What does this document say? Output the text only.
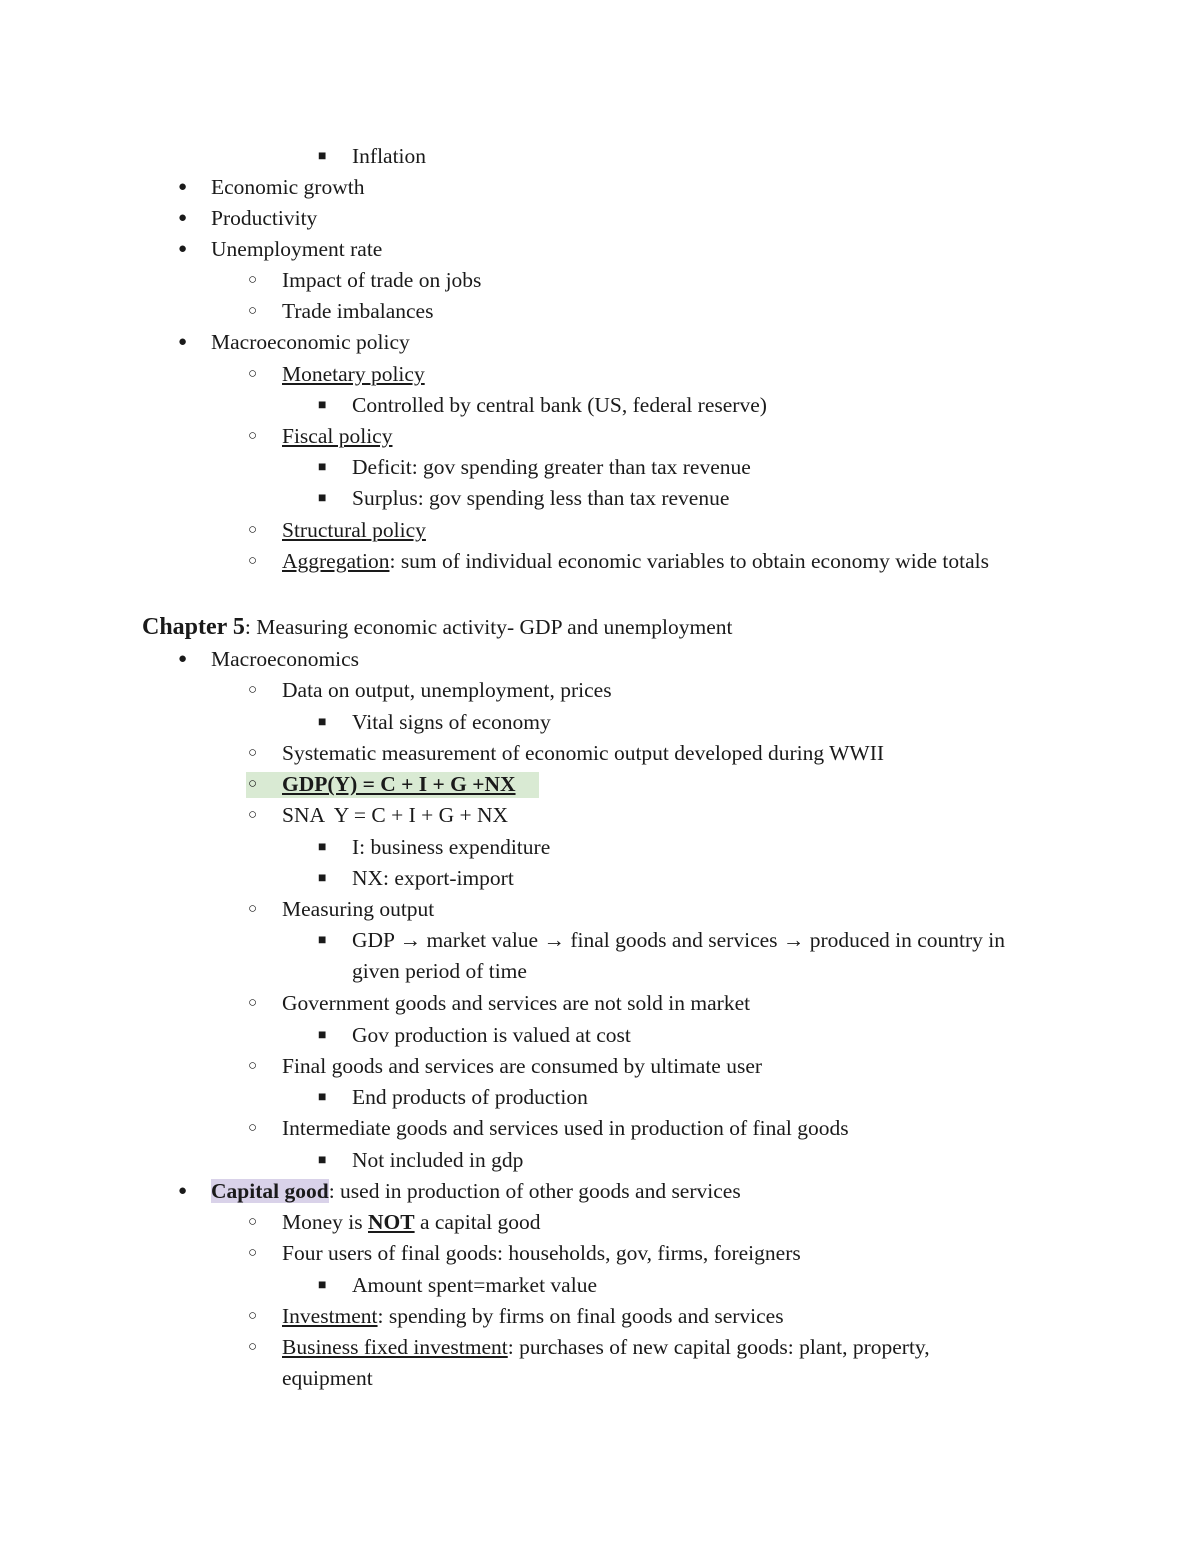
■ Inflation
● Economic growth
● Productivity
● Unemployment rate
○ Impact of trade on jobs
○ Trade imbalances
● Macroeconomic policy
○ Monetary policy
■ Controlled by central bank (US, federal reserve)
○ Fiscal policy
■ Deficit: gov spending greater than tax revenue
■ Surplus: gov spending less than tax revenue
○ Structural policy
○ Aggregation: sum of individual economic variables to obtain economy wide totals
Chapter 5: Measuring economic activity- GDP and unemployment
● Macroeconomics
○ Data on output, unemployment, prices
■ Vital signs of economy
○ Systematic measurement of economic output developed during WWII
○ GDP(Y) = C + I + G +NX
○ SNA  Y = C + I + G + NX
■ I: business expenditure
■ NX: export-import
○ Measuring output
■ GDP → market value → final goods and services → produced in country in given period of time
○ Government goods and services are not sold in market
■ Gov production is valued at cost
○ Final goods and services are consumed by ultimate user
■ End products of production
○ Intermediate goods and services used in production of final goods
■ Not included in gdp
● Capital good: used in production of other goods and services
○ Money is NOT a capital good
○ Four users of final goods: households, gov, firms, foreigners
■ Amount spent=market value
○ Investment: spending by firms on final goods and services
○ Business fixed investment: purchases of new capital goods: plant, property, equipment
